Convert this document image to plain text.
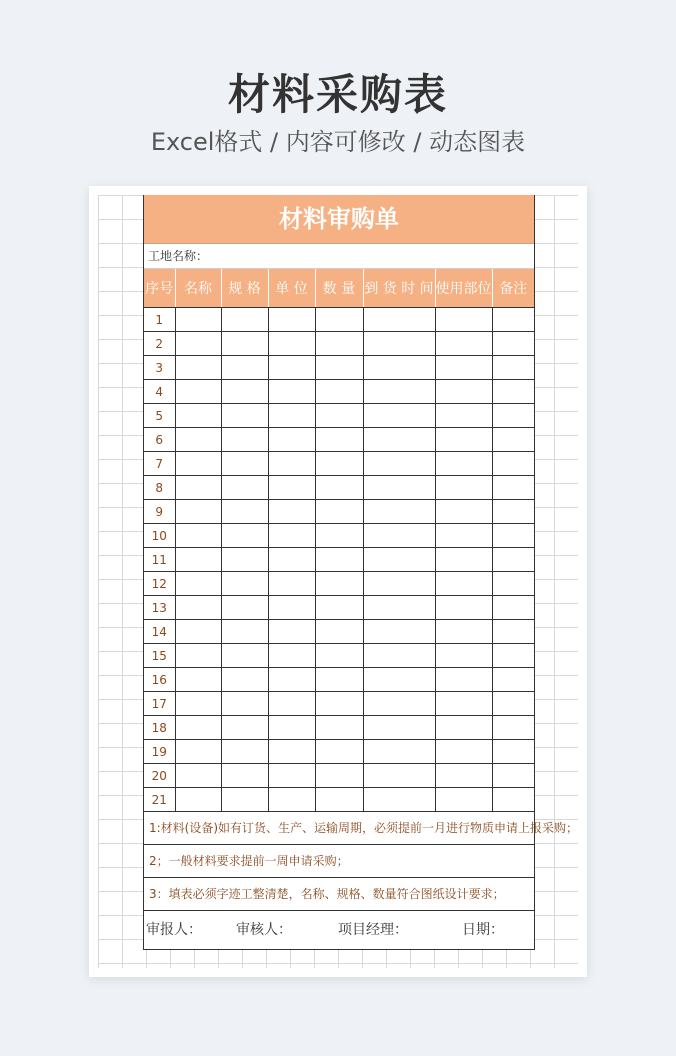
材料采购表
Excel格式 / 内容可修改 / 动态图表
材料审购单
工地名称：
序号	名称	规 格	单 位	数 量	到 货 时 间	使用部位	备注
1							
2							
3							
4							
5							
6							
7							
8							
9							
10							
11							
12							
13							
14							
15							
16							
17							
18							
19							
20							
21							
1:材料(设备)如有订货、生产、运输周期，必须提前一月进行物质申请上报采购；
2；一般材料要求提前一周申请采购；
3：填表必须字迹工整清楚，名称、规格、数量符合图纸设计要求；
审报人： 审核人：	项目经理：	日期：
